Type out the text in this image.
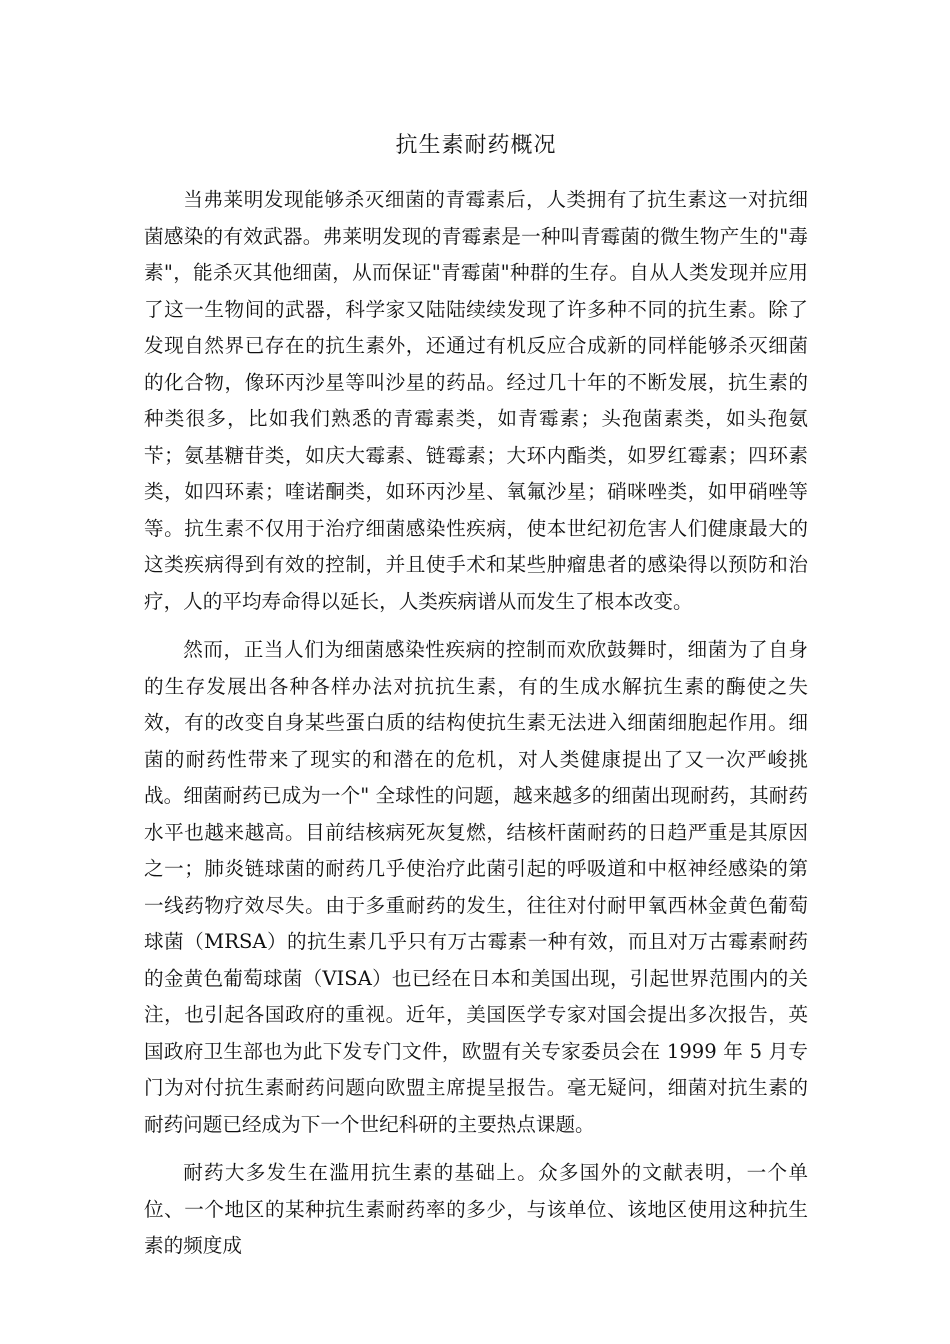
抗生素耐药概况

当弗莱明发现能够杀灭细菌的青霉素后，人类拥有了抗生素这一对抗细菌感染的有效武器。弗莱明发现的青霉素是一种叫青霉菌的微生物产生的"毒素"，能杀灭其他细菌，从而保证"青霉菌"种群的生存。自从人类发现并应用了这一生物间的武器，科学家又陆陆续续发现了许多种不同的抗生素。除了发现自然界已存在的抗生素外，还通过有机反应合成新的同样能够杀灭细菌的化合物，像环丙沙星等叫沙星的药品。经过几十年的不断发展，抗生素的种类很多，比如我们熟悉的青霉素类，如青霉素；头孢菌素类，如头孢氨苄；氨基糖苷类，如庆大霉素、链霉素；大环内酯类，如罗红霉素；四环素类，如四环素；喹诺酮类，如环丙沙星、氧氟沙星；硝咪唑类，如甲硝唑等等。抗生素不仅用于治疗细菌感染性疾病，使本世纪初危害人们健康最大的这类疾病得到有效的控制，并且使手术和某些肿瘤患者的感染得以预防和治疗，人的平均寿命得以延长，人类疾病谱从而发生了根本改变。

然而，正当人们为细菌感染性疾病的控制而欢欣鼓舞时，细菌为了自身的生存发展出各种各样办法对抗抗生素，有的生成水解抗生素的酶使之失效，有的改变自身某些蛋白质的结构使抗生素无法进入细菌细胞起作用。细菌的耐药性带来了现实的和潜在的危机，对人类健康提出了又一次严峻挑战。细菌耐药已成为一个" 全球性的问题，越来越多的细菌出现耐药，其耐药水平也越来越高。目前结核病死灰复燃，结核杆菌耐药的日趋严重是其原因之一；肺炎链球菌的耐药几乎使治疗此菌引起的呼吸道和中枢神经感染的第一线药物疗效尽失。由于多重耐药的发生，往往对付耐甲氧西林金黄色葡萄球菌（MRSA）的抗生素几乎只有万古霉素一种有效，而且对万古霉素耐药的金黄色葡萄球菌（VISA）也已经在日本和美国出现，引起世界范围内的关注，也引起各国政府的重视。近年，美国医学专家对国会提出多次报告，英国政府卫生部也为此下发专门文件，欧盟有关专家委员会在 1999 年 5 月专门为对付抗生素耐药问题向欧盟主席提呈报告。毫无疑问，细菌对抗生素的耐药问题已经成为下一个世纪科研的主要热点课题。

耐药大多发生在滥用抗生素的基础上。众多国外的文献表明，一个单位、一个地区的某种抗生素耐药率的多少，与该单位、该地区使用这种抗生素的频度成
